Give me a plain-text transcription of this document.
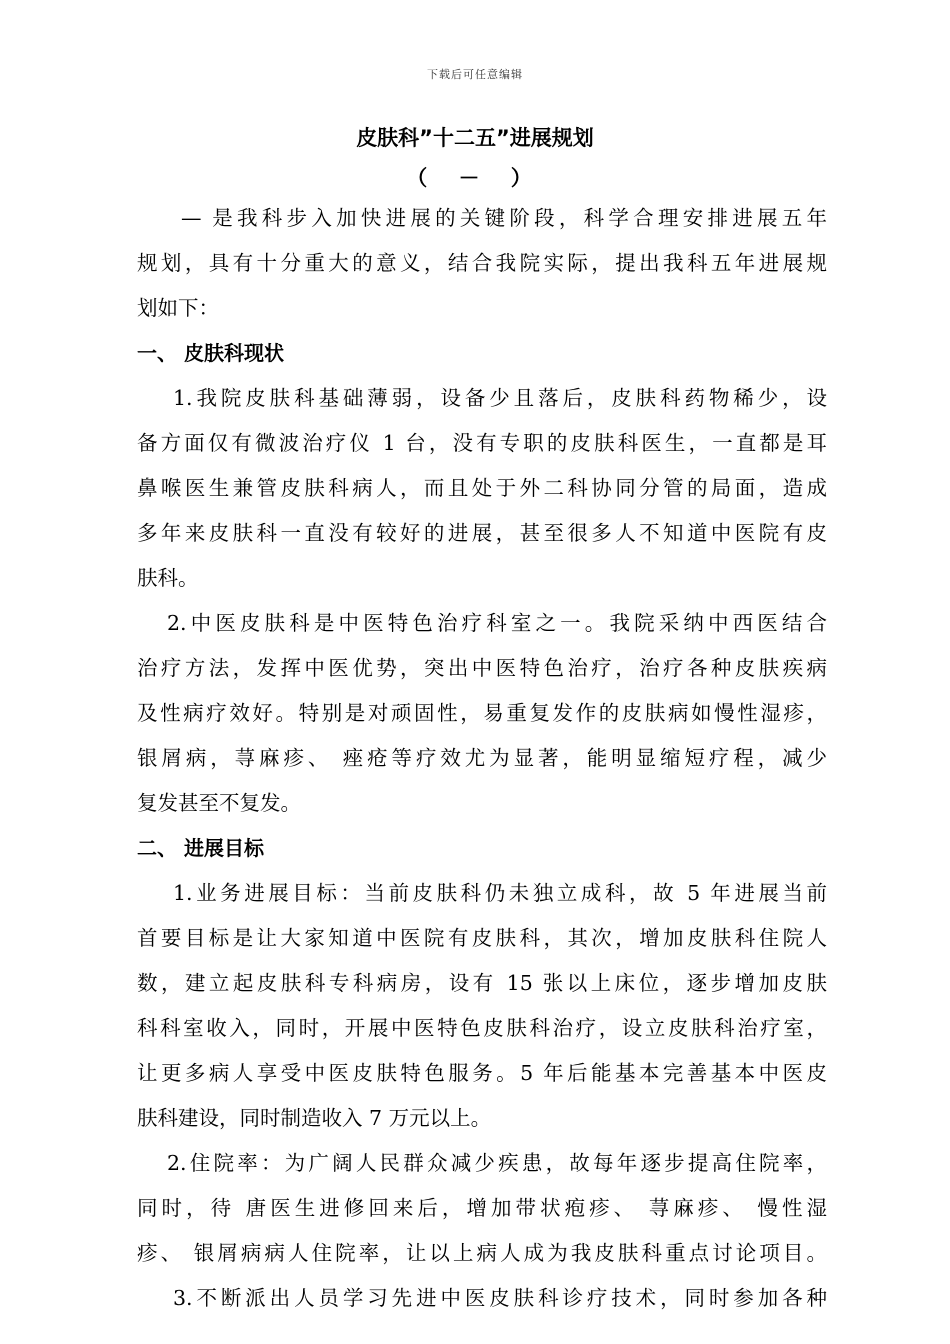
下载后可任意编辑
皮肤科”十二五”进展规划
（ － ）
— 是我科步入加快进展的关键阶段，科学合理安排进展五年
规划，具有十分重大的意义，结合我院实际，提出我科五年进展规
划如下：
一、 皮肤科现状
1.我院皮肤科基础薄弱，设备少且落后，皮肤科药物稀少，设
备方面仅有微波治疗仪 1 台，没有专职的皮肤科医生，一直都是耳
鼻喉医生兼管皮肤科病人，而且处于外二科协同分管的局面，造成
多年来皮肤科一直没有较好的进展，甚至很多人不知道中医院有皮
肤科。
2.中医皮肤科是中医特色治疗科室之一。我院采纳中西医结合
治疗方法，发挥中医优势，突出中医特色治疗，治疗各种皮肤疾病
及性病疗效好。特别是对顽固性，易重复发作的皮肤病如慢性湿疹，
银屑病，荨麻疹、 痤疮等疗效尤为显著，能明显缩短疗程，减少
复发甚至不复发。
二、 进展目标
1.业务进展目标：当前皮肤科仍未独立成科，故 5 年进展当前
首要目标是让大家知道中医院有皮肤科，其次，增加皮肤科住院人
数，建立起皮肤科专科病房，设有 15 张以上床位，逐步增加皮肤
科科室收入，同时，开展中医特色皮肤科治疗，设立皮肤科治疗室，
让更多病人享受中医皮肤特色服务。5 年后能基本完善基本中医皮
肤科建设，同时制造收入 7 万元以上。
2.住院率：为广阔人民群众减少疾患，故每年逐步提高住院率，
同时，待 唐医生进修回来后，增加带状疱疹、 荨麻疹、 慢性湿
疹、 银屑病病人住院率，让以上病人成为我皮肤科重点讨论项目。
3.不断派出人员学习先进中医皮肤科诊疗技术，同时参加各种
